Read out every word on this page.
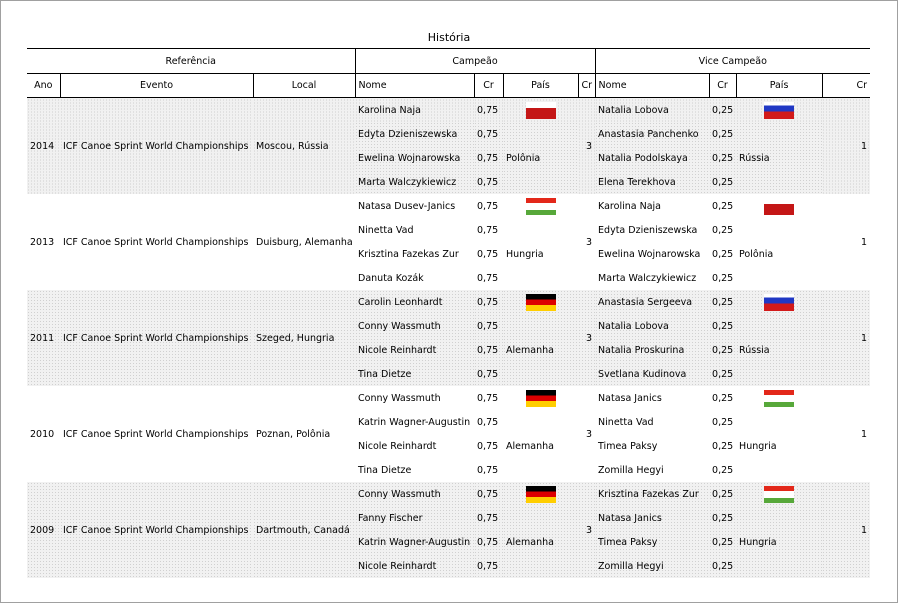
História
Referência			Campeão				Vice Campeão			
Ano	Evento	Local	Nome	Cr	País	Cr	Nome	Cr	País	Cr
2014	ICF Canoe Sprint World Championships	Moscou, Rússia	Karolina Naja	0,75		3	Natalia Lobova	0,25		1
			Edyta Dzieniszewska	0,75	Polônia		Anastasia Panchenko	0,25	Rússia	
			Ewelina Wojnarowska	0,75			Natalia Podolskaya	0,25		
			Marta Walczykiewicz	0,75			Elena Terekhova	0,25		
2013	ICF Canoe Sprint World Championships	Duisburg, Alemanha	Natasa Dusev-Janics	0,75		3	Karolina Naja	0,25		1
			Ninetta Vad	0,75	Hungria		Edyta Dzieniszewska	0,25	Polônia	
			Krisztina Fazekas Zur	0,75			Ewelina Wojnarowska	0,25		
			Danuta Kozák	0,75			Marta Walczykiewicz	0,25		
2011	ICF Canoe Sprint World Championships	Szeged, Hungria	Carolin Leonhardt	0,75		3	Anastasia Sergeeva	0,25		1
			Conny Wassmuth	0,75	Alemanha		Natalia Lobova	0,25	Rússia	
			Nicole Reinhardt	0,75			Natalia Proskurina	0,25		
			Tina Dietze	0,75			Svetlana Kudinova	0,25		
2010	ICF Canoe Sprint World Championships	Poznan, Polônia	Conny Wassmuth	0,75		3	Natasa Janics	0,25		1
			Katrin Wagner-Augustin	0,75	Alemanha		Ninetta Vad	0,25	Hungria	
			Nicole Reinhardt	0,75			Timea Paksy	0,25		
			Tina Dietze	0,75			Zomilla Hegyi	0,25		
2009	ICF Canoe Sprint World Championships	Dartmouth, Canadá	Conny Wassmuth	0,75		3	Krisztina Fazekas Zur	0,25		1
			Fanny Fischer	0,75	Alemanha		Natasa Janics	0,25	Hungria	
			Katrin Wagner-Augustin	0,75			Timea Paksy	0,25		
			Nicole Reinhardt	0,75			Zomilla Hegyi	0,25		
